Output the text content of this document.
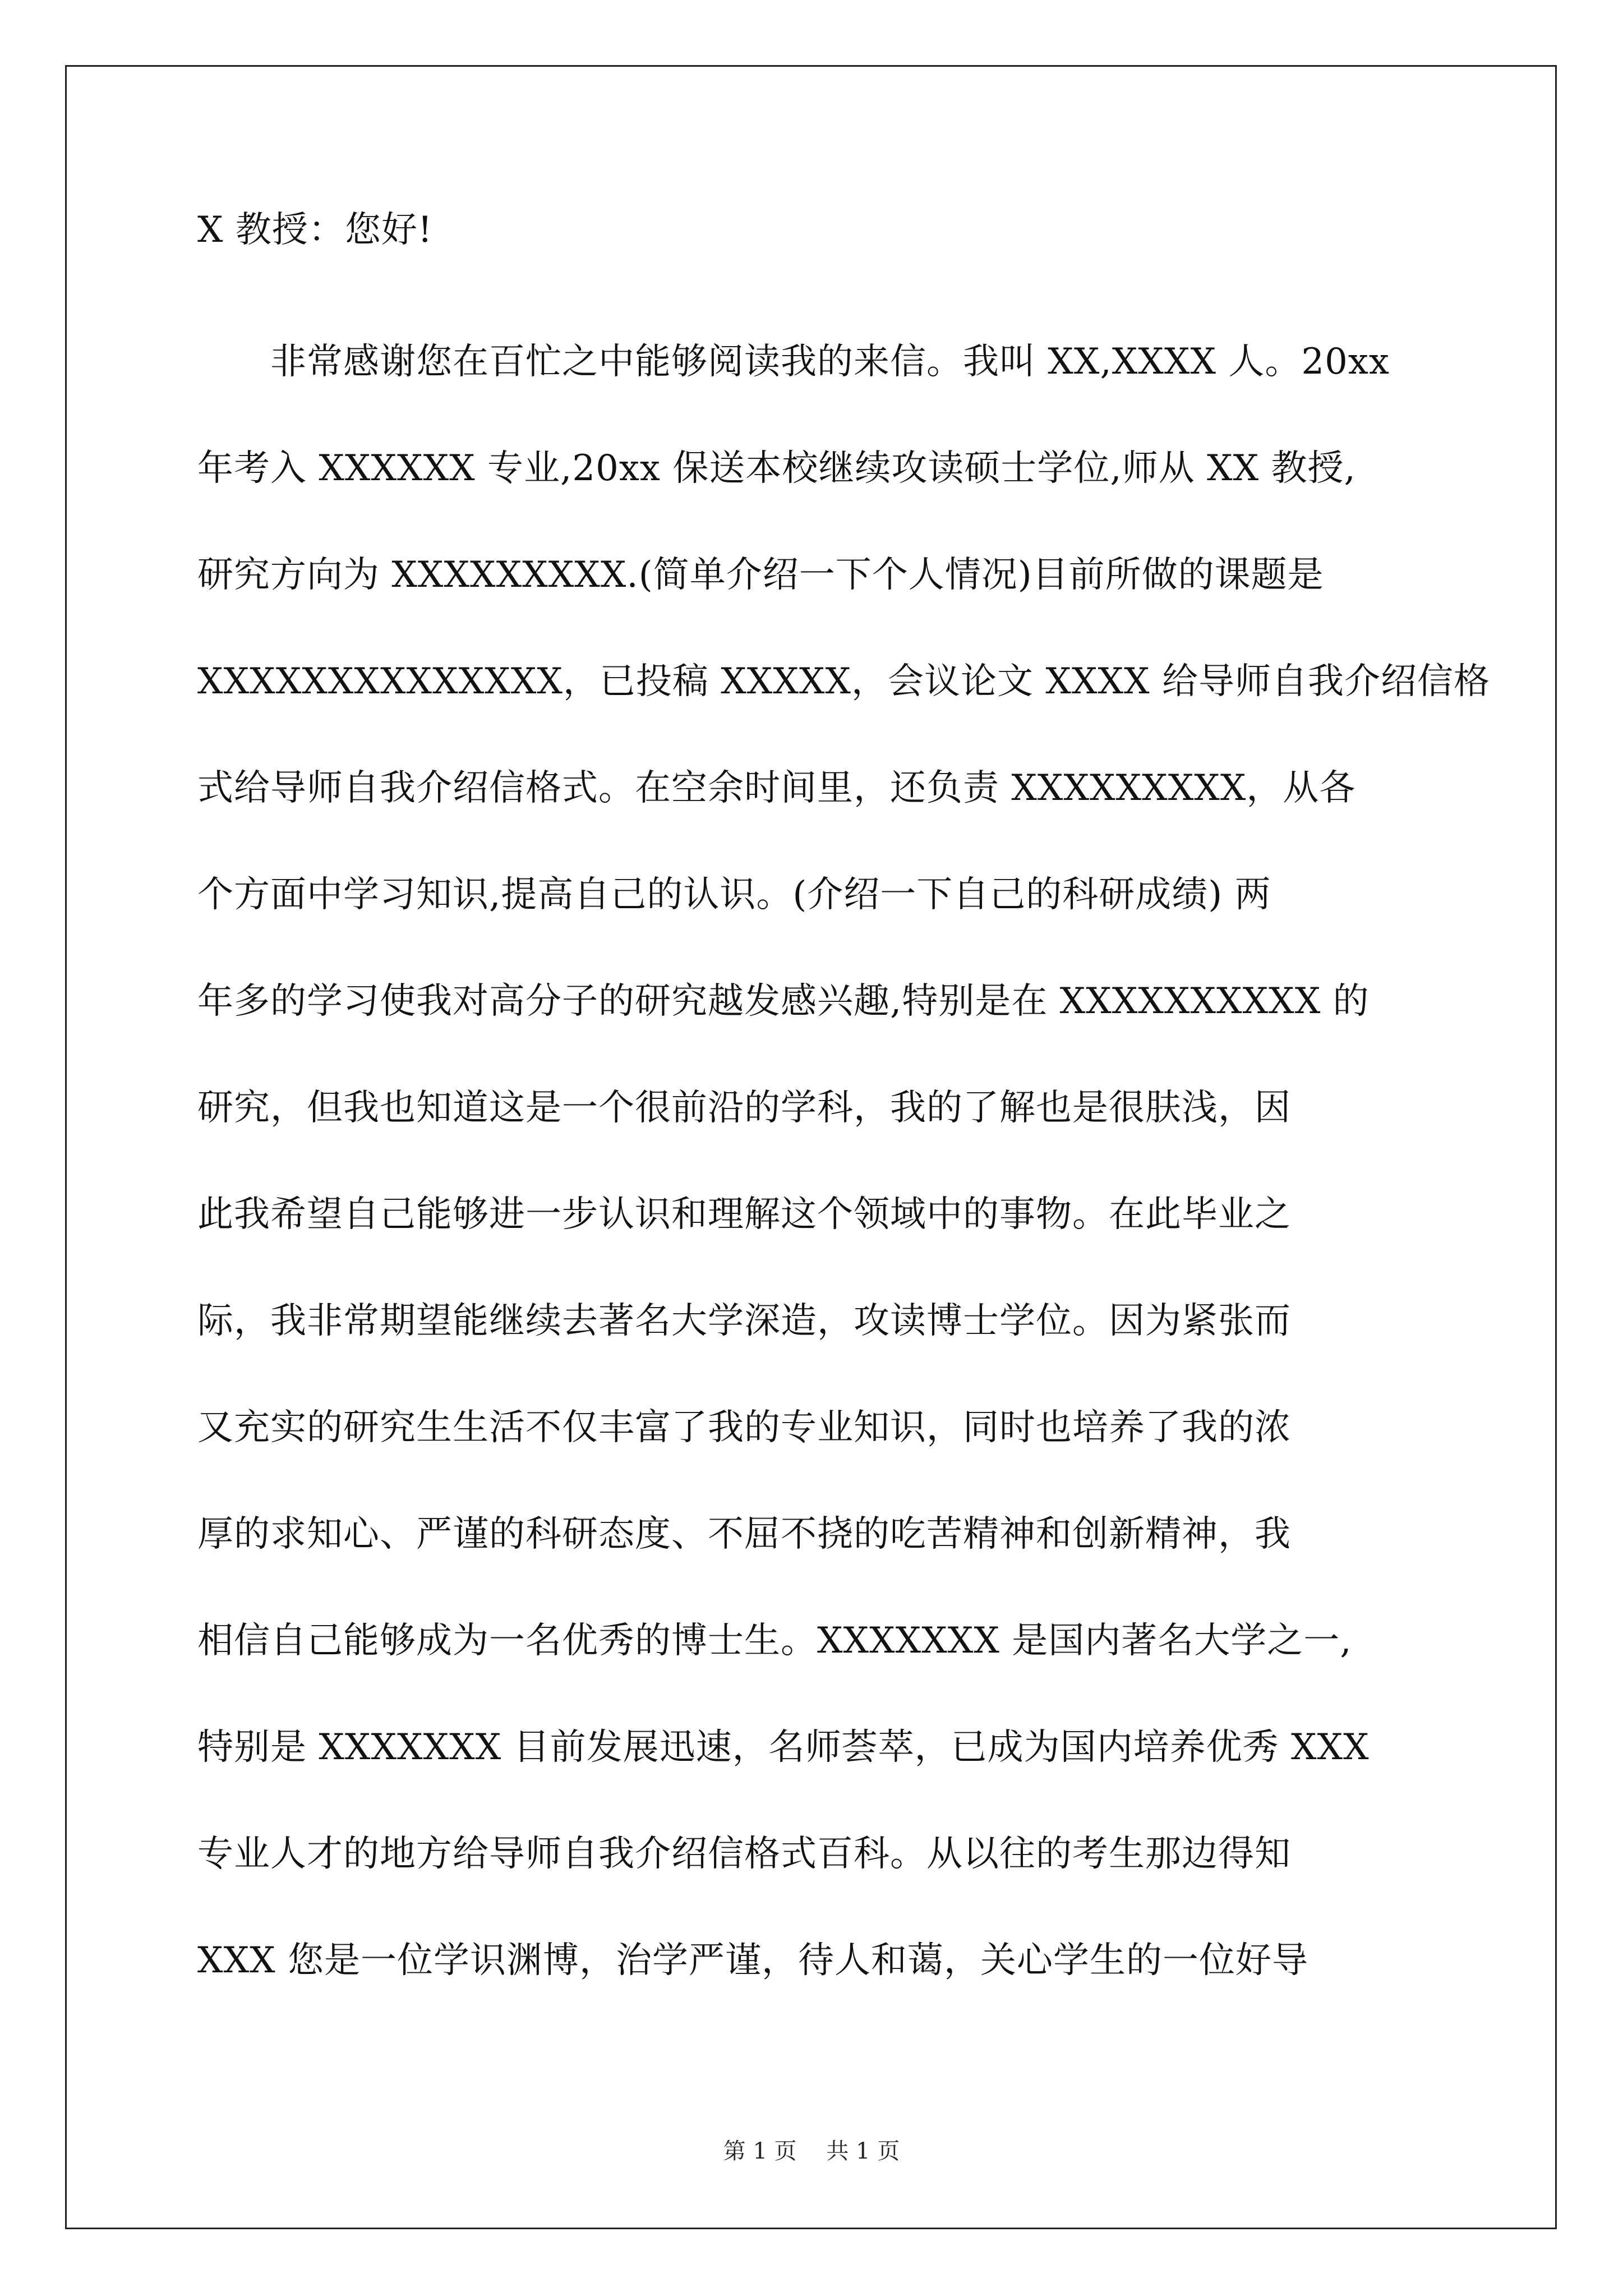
X 教授：您好!
　　非常感谢您在百忙之中能够阅读我的来信。我叫 XX,XXXX 人。20xx
年考入 XXXXXX 专业,20xx 保送本校继续攻读硕士学位,师从 XX 教授,
研究方向为 XXXXXXXXX.(简单介绍一下个人情况)目前所做的课题是
XXXXXXXXXXXXXX，已投稿 XXXXX，会议论文 XXXX 给导师自我介绍信格
式给导师自我介绍信格式。在空余时间里，还负责 XXXXXXXXX，从各
个方面中学习知识,提高自己的认识。(介绍一下自己的科研成绩) 两
年多的学习使我对高分子的研究越发感兴趣,特别是在 XXXXXXXXXX 的
研究，但我也知道这是一个很前沿的学科，我的了解也是很肤浅，因
此我希望自己能够进一步认识和理解这个领域中的事物。在此毕业之
际，我非常期望能继续去著名大学深造，攻读博士学位。因为紧张而
又充实的研究生生活不仅丰富了我的专业知识，同时也培养了我的浓
厚的求知心、严谨的科研态度、不屈不挠的吃苦精神和创新精神，我
相信自己能够成为一名优秀的博士生。XXXXXXX 是国内著名大学之一,
特别是 XXXXXXX 目前发展迅速，名师荟萃，已成为国内培养优秀 XXX
专业人才的地方给导师自我介绍信格式百科。从以往的考生那边得知
XXX 您是一位学识渊博，治学严谨，待人和蔼，关心学生的一位好导
第 1 页　 共 1 页
